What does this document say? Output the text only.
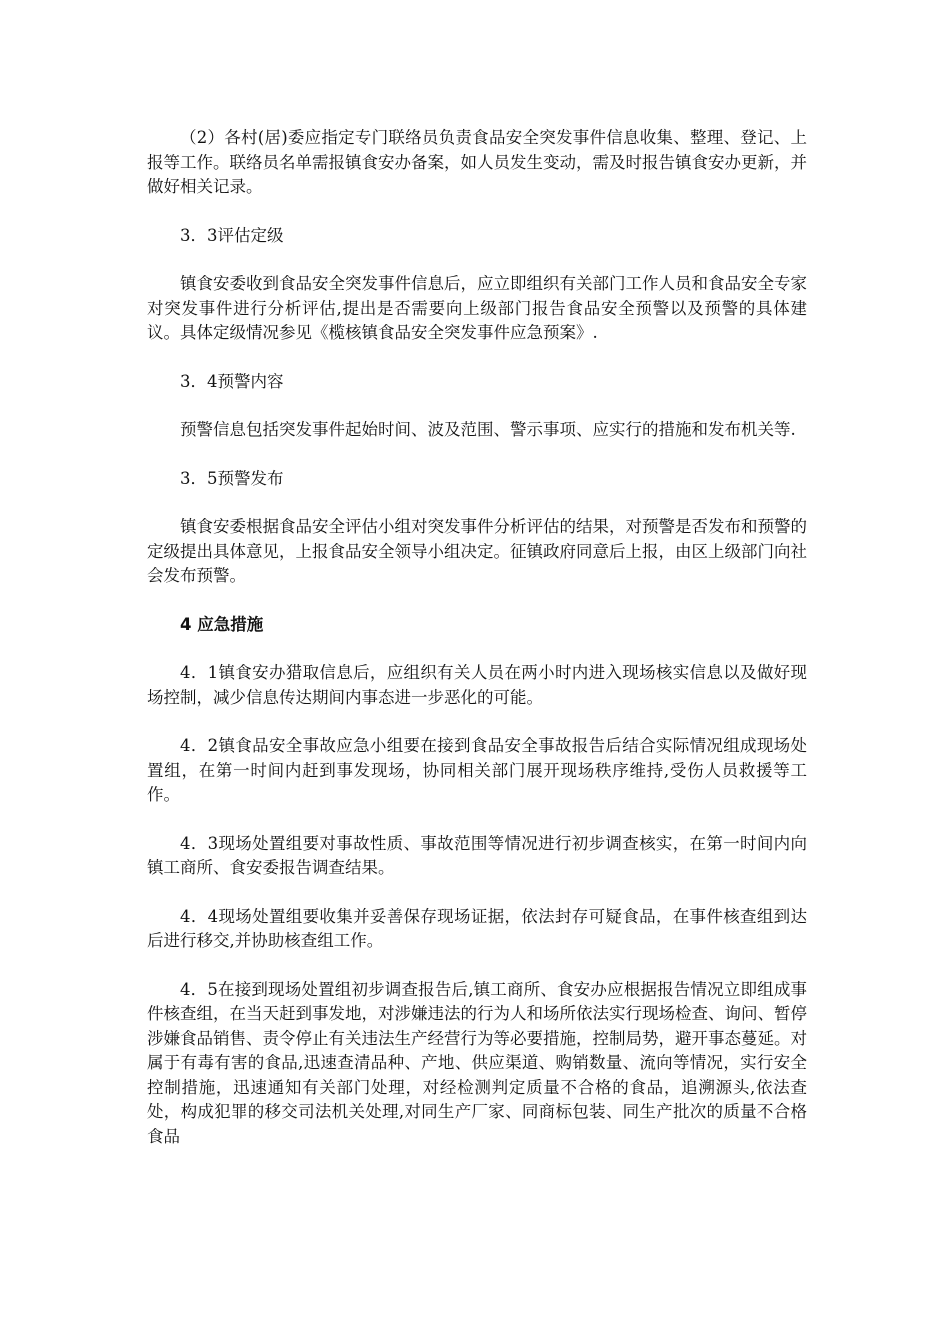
（2）各村(居)委应指定专门联络员负责食品安全突发事件信息收集、整理、登记、上报等工作。联络员名单需报镇食安办备案，如人员发生变动，需及时报告镇食安办更新，并做好相关记录。

3．3评估定级

镇食安委收到食品安全突发事件信息后，应立即组织有关部门工作人员和食品安全专家对突发事件进行分析评估,提出是否需要向上级部门报告食品安全预警以及预警的具体建议。具体定级情况参见《榄核镇食品安全突发事件应急预案》.

3．4预警内容

预警信息包括突发事件起始时间、波及范围、警示事项、应实行的措施和发布机关等.

3．5预警发布

镇食安委根据食品安全评估小组对突发事件分析评估的结果，对预警是否发布和预警的定级提出具体意见，上报食品安全领导小组决定。征镇政府同意后上报，由区上级部门向社会发布预警。

4 应急措施

4．1镇食安办猎取信息后，应组织有关人员在两小时内进入现场核实信息以及做好现场控制，减少信息传达期间内事态进一步恶化的可能。

4．2镇食品安全事故应急小组要在接到食品安全事故报告后结合实际情况组成现场处置组，在第一时间内赶到事发现场，协同相关部门展开现场秩序维持,受伤人员救援等工作。

4．3现场处置组要对事故性质、事故范围等情况进行初步调查核实，在第一时间内向镇工商所、食安委报告调查结果。

4．4现场处置组要收集并妥善保存现场证据，依法封存可疑食品，在事件核查组到达后进行移交,并协助核查组工作。

4．5在接到现场处置组初步调查报告后,镇工商所、食安办应根据报告情况立即组成事件核查组，在当天赶到事发地，对涉嫌违法的行为人和场所依法实行现场检查、询问、暂停涉嫌食品销售、责令停止有关违法生产经营行为等必要措施，控制局势，避开事态蔓延。对属于有毒有害的食品,迅速查清品种、产地、供应渠道、购销数量、流向等情况，实行安全控制措施，迅速通知有关部门处理，对经检测判定质量不合格的食品，追溯源头,依法查处，构成犯罪的移交司法机关处理,对同生产厂家、同商标包装、同生产批次的质量不合格食品
